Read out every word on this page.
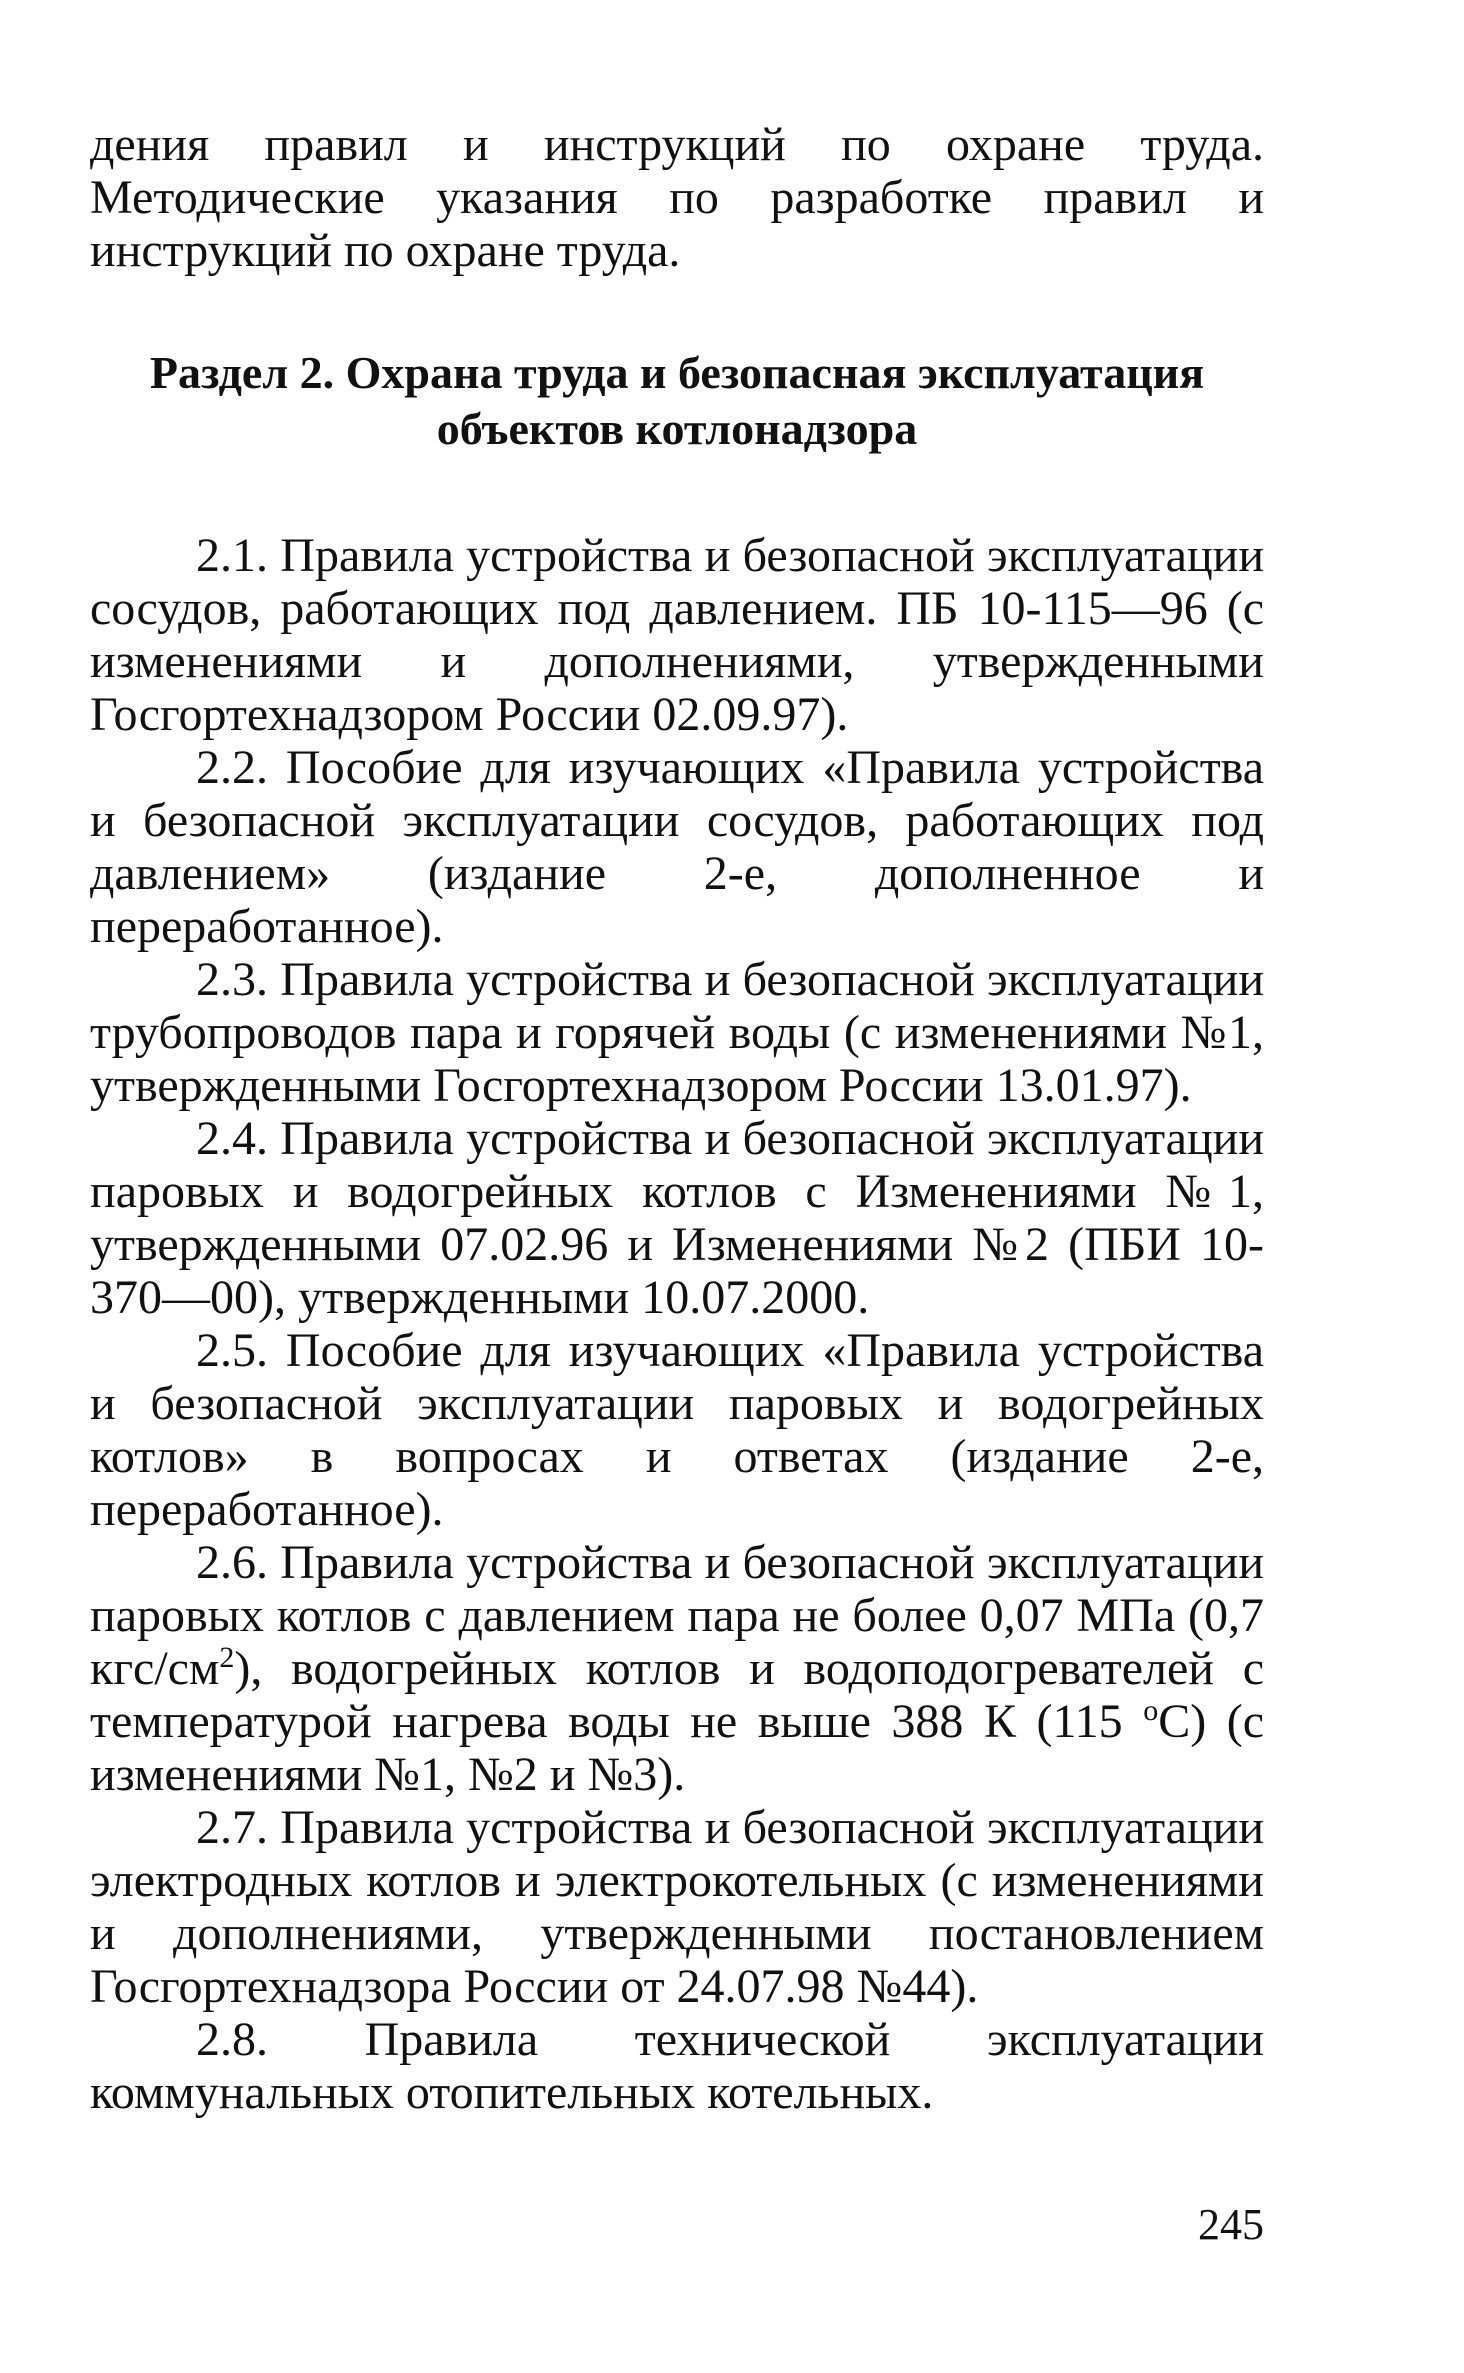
дения правил и инструкций по охране труда. Методические указания по разработке правил и инструкций по охране труда.

Раздел 2. Охрана труда и безопасная эксплуатация
объектов котлонадзора

2.1. Правила устройства и безопасной эксплуатации сосудов, работающих под давлением. ПБ 10-115—96 (с изменениями и дополнениями, утвержденными Госгортехнадзором России 02.09.97).

2.2. Пособие для изучающих «Правила устройства и безопасной эксплуатации сосудов, работающих под давлением» (издание 2-е, дополненное и переработанное).

2.3. Правила устройства и безопасной эксплуатации трубопроводов пара и горячей воды (с изменениями №1, утвержденными Госгортехнадзором России 13.01.97).

2.4. Правила устройства и безопасной эксплуатации паровых и водогрейных котлов с Изменениями №1, утвержденными 07.02.96 и Изменениями №2 (ПБИ 10-370—00), утвержденными 10.07.2000.

2.5. Пособие для изучающих «Правила устройства и безопасной эксплуатации паровых и водогрейных котлов» в вопросах и ответах (издание 2-е, переработанное).

2.6. Правила устройства и безопасной эксплуатации паровых котлов с давлением пара не более 0,07 МПа (0,7 кгс/$см^2$), водогрейных котлов и водоподогревателей с температурой нагрева воды не выше 388 К (115 $^о$С) (с изменениями №1, №2 и №3).

2.7. Правила устройства и безопасной эксплуатации электродных котлов и электрокотельных (с изменениями и дополнениями, утвержденными постановлением Госгортехнадзора России от 24.07.98 №44).

2.8. Правила технической эксплуатации коммунальных отопительных котельных.

245
